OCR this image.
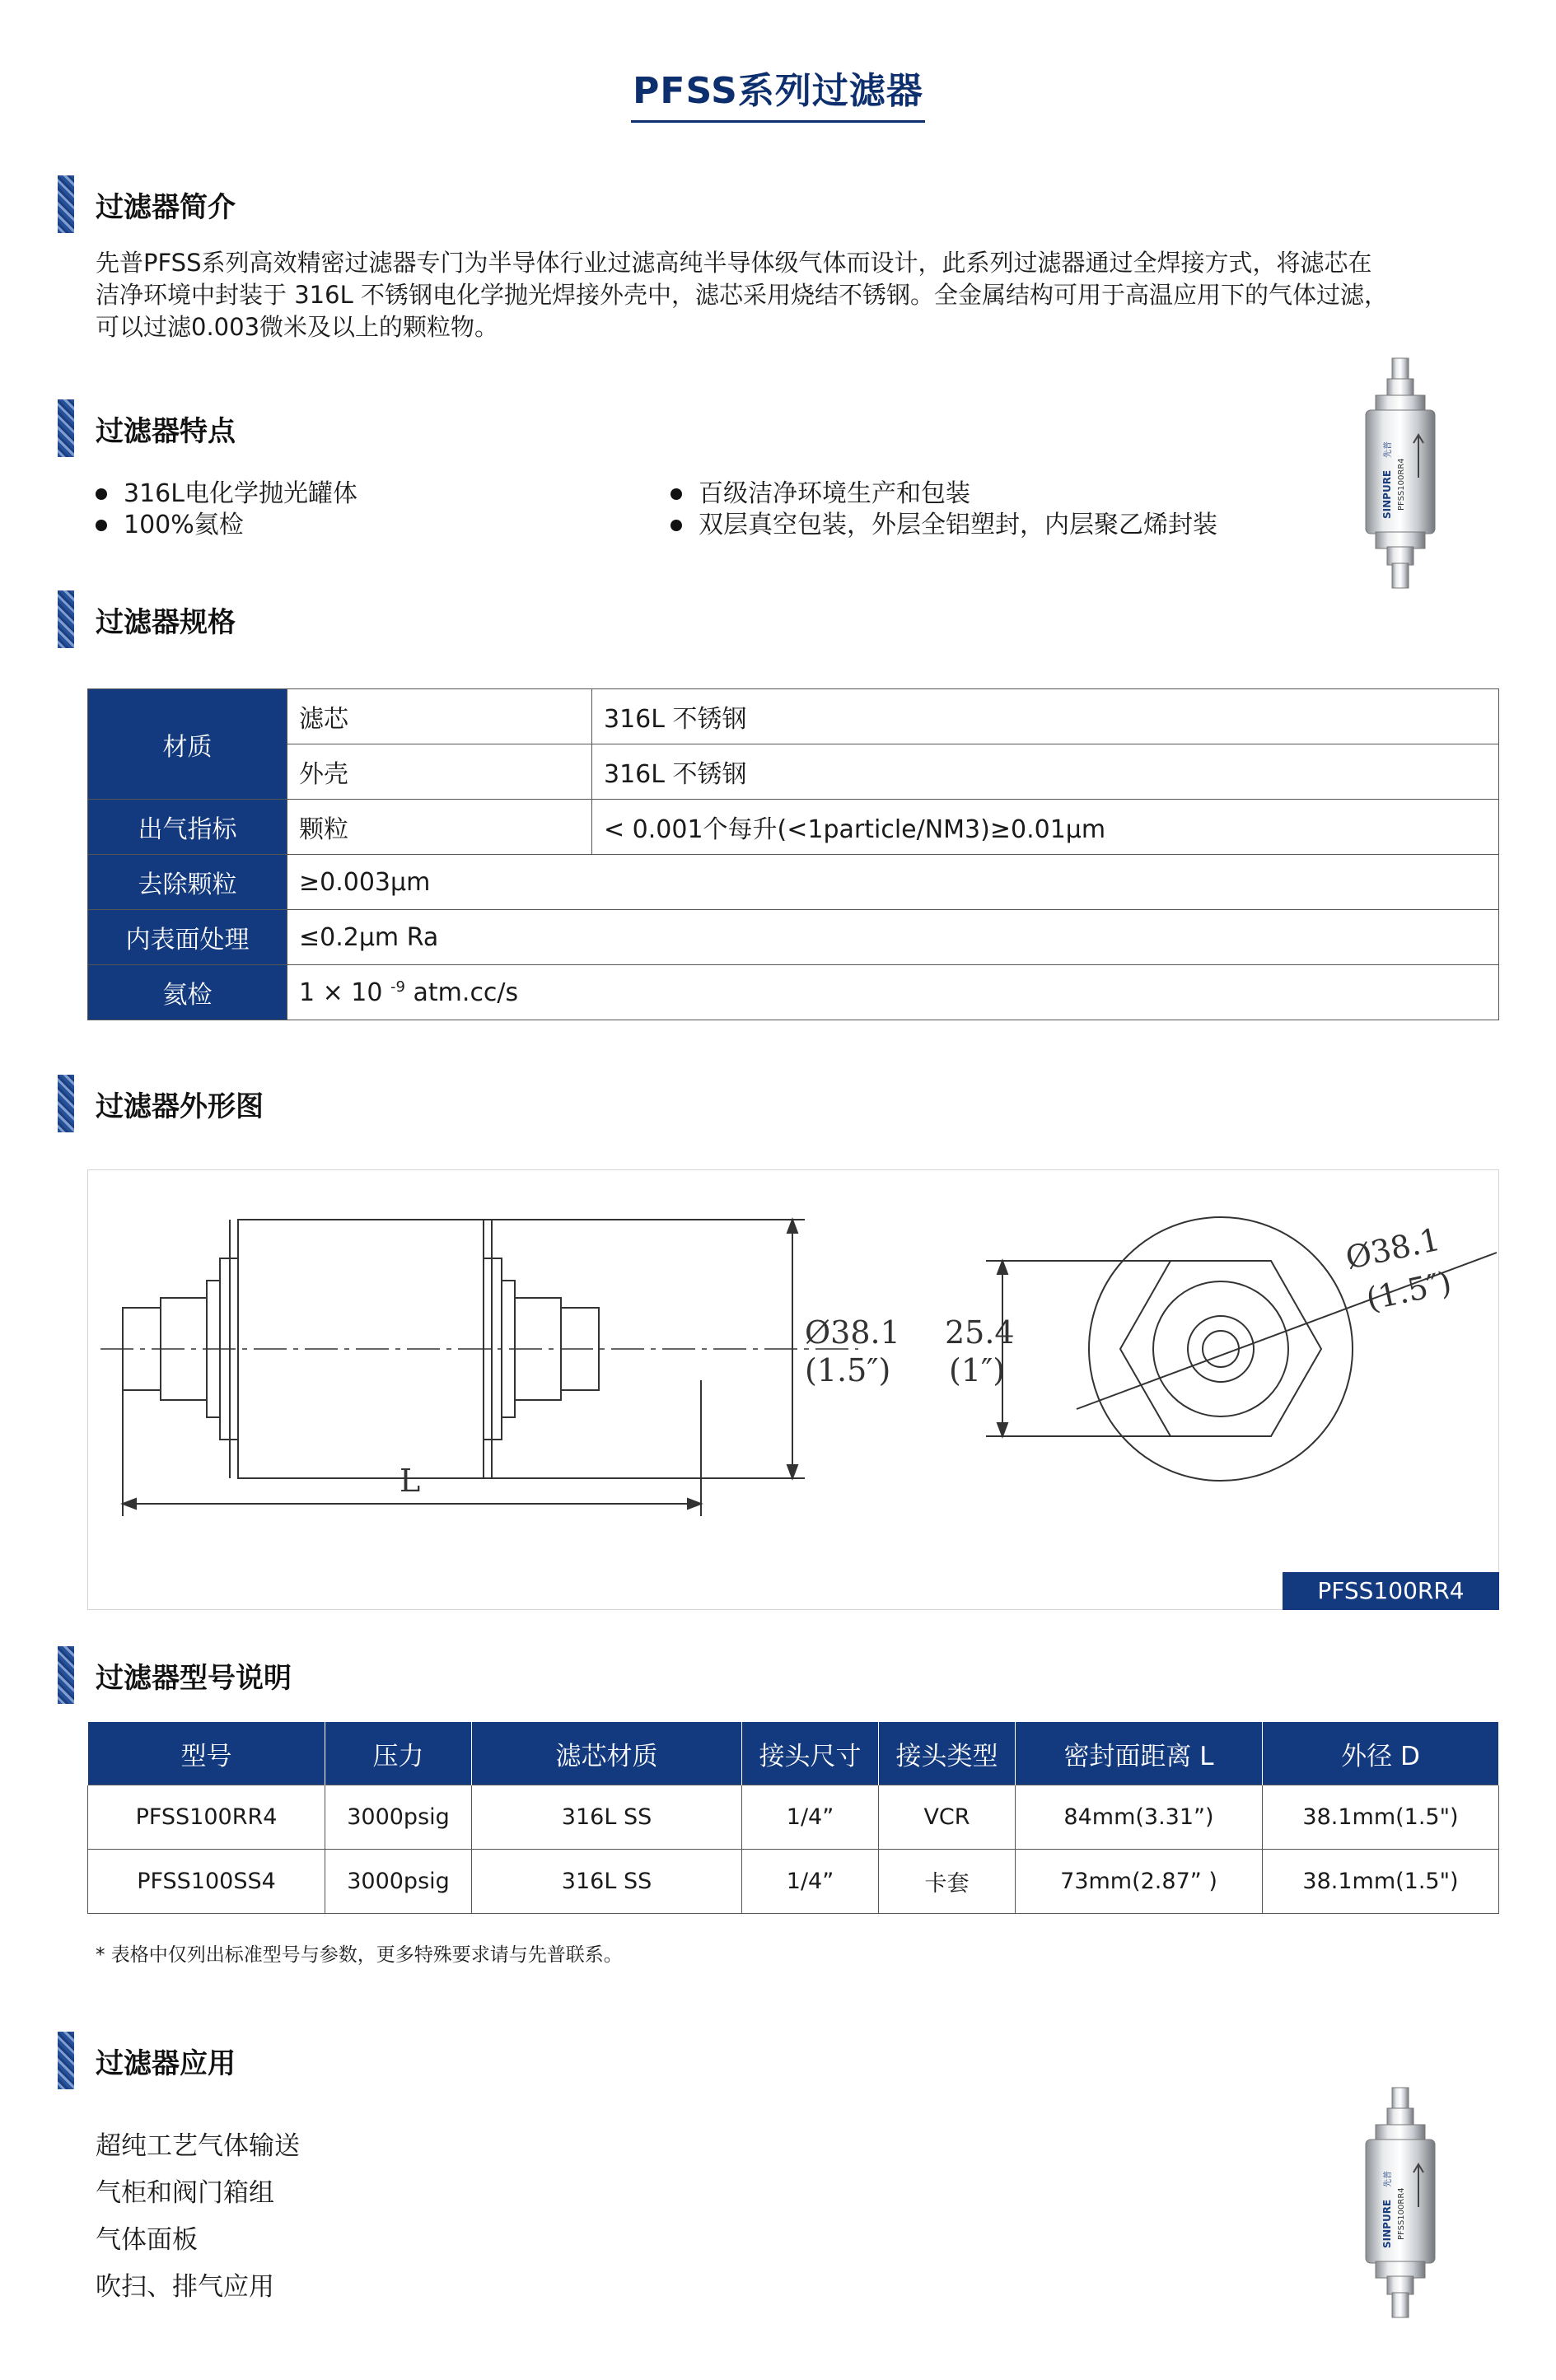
PFSS系列过滤器
过滤器简介
先普PFSS系列高效精密过滤器专门为半导体行业过滤高纯半导体级气体而设计，此系列过滤器通过全焊接方式，将滤芯在
洁净环境中封装于 316L 不锈钢电化学抛光焊接外壳中，滤芯采用烧结不锈钢。全金属结构可用于高温应用下的气体过滤，
可以过滤0.003微米及以上的颗粒物。
过滤器特点
316L电化学抛光罐体	百级洁净环境生产和包装
100%氦检	双层真空包装，外层全铝塑封，内层聚乙烯封装
SINPURE
先普
PFSS100RR4
过滤器规格
材质	滤芯	316L 不锈钢
	外壳	316L 不锈钢
出气指标	颗粒	< 0.001个每升(<1particle/NM3)≥0.01μm
去除颗粒	≥0.003μm	
内表面处理	≤0.2μm Ra	
氦检	1 × 10 $^{-9}$ atm.cc/s	
过滤器外形图
Ø38.1
(1.5″)
L
25.4
(1″)
Ø38.1
(1.5″)
PFSS100RR4
过滤器型号说明
型号	压力	滤芯材质	接头尺寸	接头类型	密封面距离 L	外径 D
PFSS100RR4	3000psig	316L SS	1/4”	VCR	84mm(3.31”)	38.1mm(1.5")
PFSS100SS4	3000psig	316L SS	1/4”	卡套	73mm(2.87” )	38.1mm(1.5")
* 表格中仅列出标准型号与参数，更多特殊要求请与先普联系。
过滤器应用
超纯工艺气体输送
气柜和阀门箱组
气体面板
吹扫、排气应用
SINPURE
先普
PFSS100RR4
